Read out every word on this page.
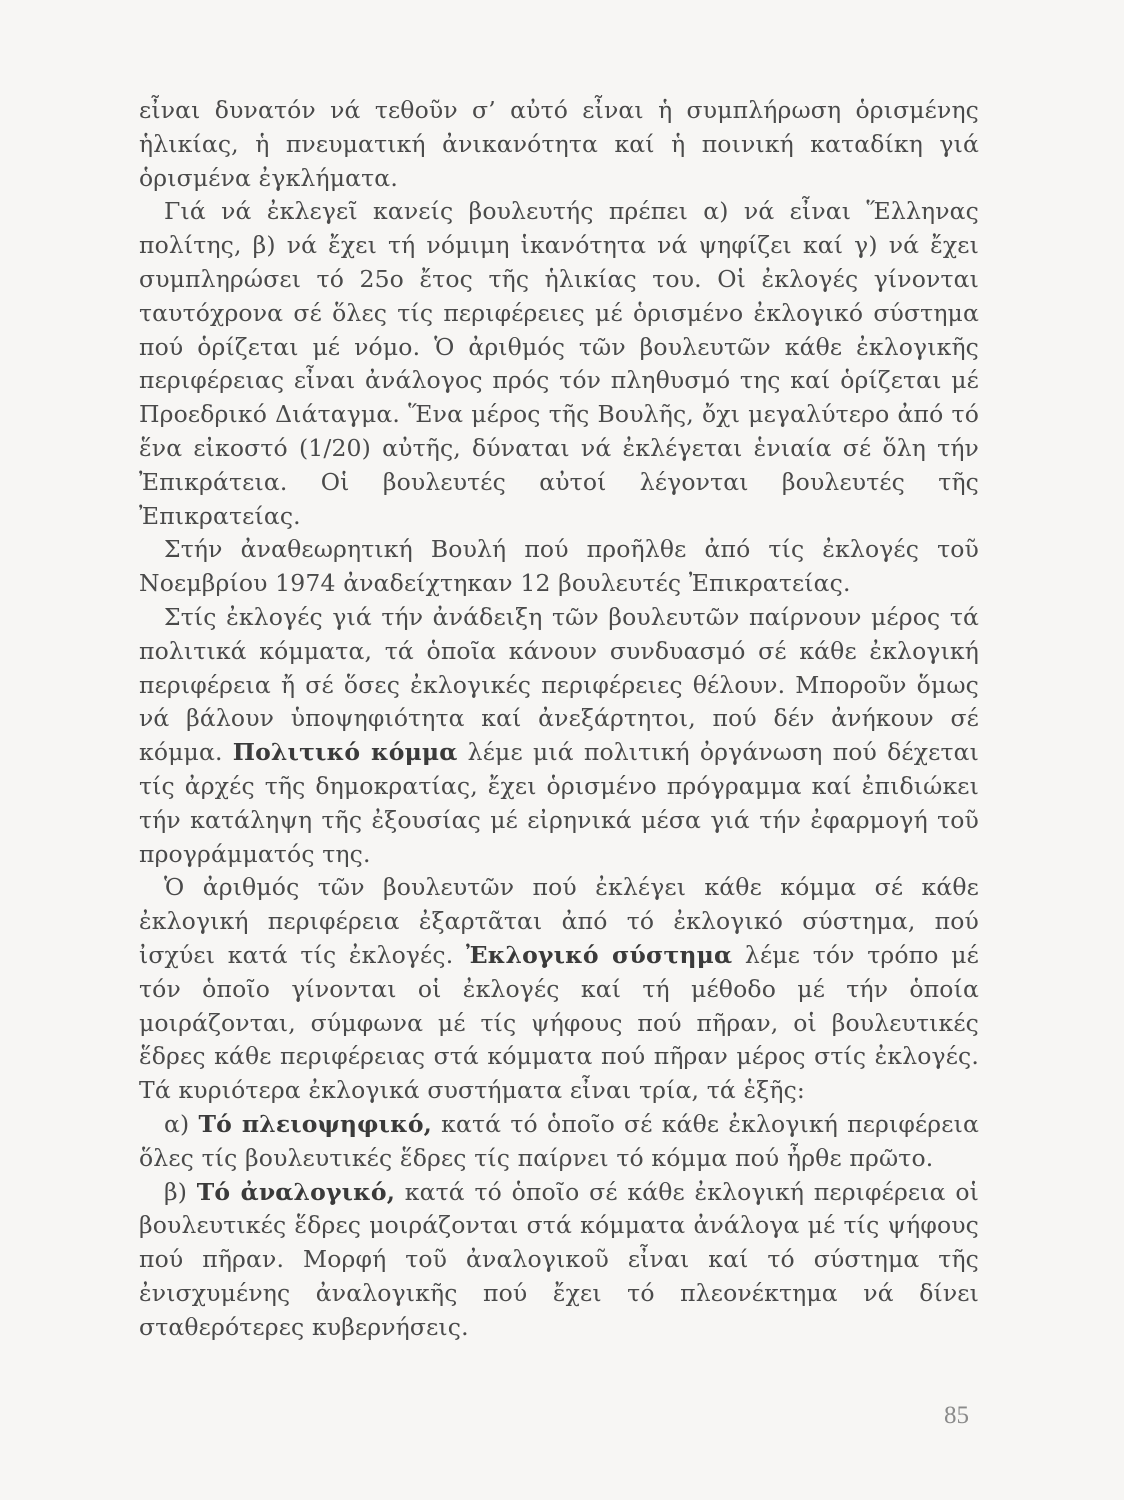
εἶναι δυνατόν νά τεθοῦν σ’ αὐτό εἶναι ἡ συμπλήρωση ὁρισμένης ἡλικίας, ἡ πνευματική ἀνικανότητα καί ἡ ποινική καταδίκη γιά ὁρισμένα ἐγκλήματα.

Γιά νά ἐκλεγεῖ κανείς βουλευτής πρέπει α) νά εἶναι Ἕλληνας πολίτης, β) νά ἔχει τή νόμιμη ἱκανότητα νά ψηφίζει καί γ) νά ἔχει συμπληρώσει τό 25ο ἔτος τῆς ἡλικίας του. Οἱ ἐκλογές γίνονται ταυτόχρονα σέ ὅλες τίς περιφέρειες μέ ὁρισμένο ἐκλογικό σύστημα πού ὁρίζεται μέ νόμο. Ὁ ἀριθμός τῶν βουλευτῶν κάθε ἐκλογικῆς περιφέρειας εἶναι ἀνάλογος πρός τόν πληθυσμό της καί ὁρίζεται μέ Προεδρικό Διάταγμα. Ἕνα μέρος τῆς Βουλῆς, ὄχι μεγαλύτερο ἀπό τό ἕνα εἰκοστό (1/20) αὐτῆς, δύναται νά ἐκλέγεται ἑνιαία σέ ὅλη τήν Ἐπικράτεια. Οἱ βουλευτές αὐτοί λέγονται βουλευτές τῆς Ἐπικρατείας.

Στήν ἀναθεωρητική Βουλή πού προῆλθε ἀπό τίς ἐκλογές τοῦ Νοεμβρίου 1974 ἀναδείχτηκαν 12 βουλευτές Ἐπικρατείας.

Στίς ἐκλογές γιά τήν ἀνάδειξη τῶν βουλευτῶν παίρνουν μέρος τά πολιτικά κόμματα, τά ὁποῖα κάνουν συνδυασμό σέ κάθε ἐκλογική περιφέρεια ἤ σέ ὅσες ἐκλογικές περιφέρειες θέλουν. Μποροῦν ὅμως νά βάλουν ὑποψηφιότητα καί ἀνεξάρτητοι, πού δέν ἀνήκουν σέ κόμμα. Πολιτικό κόμμα λέμε μιά πολιτική ὀργάνωση πού δέχεται τίς ἀρχές τῆς δημοκρατίας, ἔχει ὁρισμένο πρόγραμμα καί ἐπιδιώκει τήν κατάληψη τῆς ἐξουσίας μέ εἰρηνικά μέσα γιά τήν ἐφαρμογή τοῦ προγράμματός της.

Ὁ ἀριθμός τῶν βουλευτῶν πού ἐκλέγει κάθε κόμμα σέ κάθε ἐκλογική περιφέρεια ἐξαρτᾶται ἀπό τό ἐκλογικό σύστημα, πού ἰσχύει κατά τίς ἐκλογές. Ἐκλογικό σύστημα λέμε τόν τρόπο μέ τόν ὁποῖο γίνονται οἱ ἐκλογές καί τή μέθοδο μέ τήν ὁποία μοιράζονται, σύμφωνα μέ τίς ψήφους πού πῆραν, οἱ βουλευτικές ἕδρες κάθε περιφέρειας στά κόμματα πού πῆραν μέρος στίς ἐκλογές. Τά κυριότερα ἐκλογικά συστήματα εἶναι τρία, τά ἑξῆς:

α) Τό πλειοψηφικό, κατά τό ὁποῖο σέ κάθε ἐκλογική περιφέρεια ὅλες τίς βουλευτικές ἕδρες τίς παίρνει τό κόμμα πού ἦρθε πρῶτο.

β) Τό ἀναλογικό, κατά τό ὁποῖο σέ κάθε ἐκλογική περιφέρεια οἱ βουλευτικές ἕδρες μοιράζονται στά κόμματα ἀνάλογα μέ τίς ψήφους πού πῆραν. Μορφή τοῦ ἀναλογικοῦ εἶναι καί τό σύστημα τῆς ἐνισχυμένης ἀναλογικῆς πού ἔχει τό πλεονέκτημα νά δίνει σταθερότερες κυβερνήσεις.

85
